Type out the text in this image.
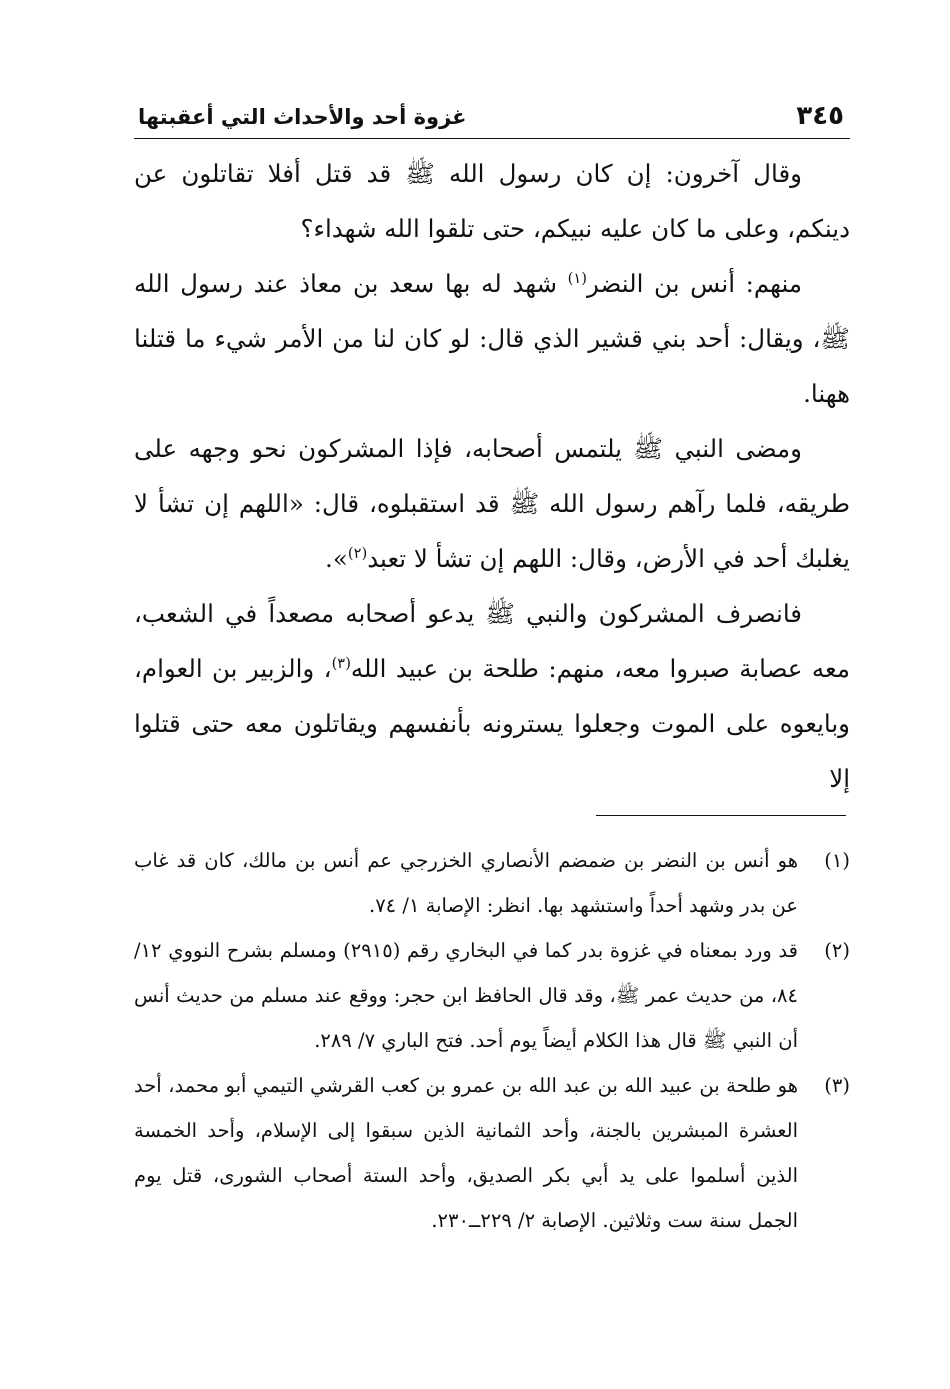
٣٤٥
غزوة أحد والأحداث التي أعقبتها

وقال آخرون: إن كان رسول الله ﷺ قد قتل أفلا تقاتلون عن دينكم، وعلى ما كان عليه نبيكم، حتى تلقوا الله شهداء؟

منهم: أنس بن النضر$^{(١)}$ شهد له بها سعد بن معاذ عند رسول الله ﷺ، ويقال: أحد بني قشير الذي قال: لو كان لنا من الأمر شيء ما قتلنا ههنا.

ومضى النبي ﷺ يلتمس أصحابه، فإذا المشركون نحو وجهه على طريقه، فلما رآهم رسول الله ﷺ قد استقبلوه، قال: «اللهم إن تشأ لا يغلبك أحد في الأرض، وقال: اللهم إن تشأ لا تعبد$^{(٢)}$».

فانصرف المشركون والنبي ﷺ يدعو أصحابه مصعداً في الشعب، معه عصابة صبروا معه، منهم: طلحة بن عبيد الله$^{(٣)}$، والزبير بن العوام، وبايعوه على الموت وجعلوا يسترونه بأنفسهم ويقاتلون معه حتى قتلوا إلا

(١)
هو أنس بن النضر بن ضمضم الأنصاري الخزرجي عم أنس بن مالك، كان قد غاب عن بدر وشهد أحداً واستشهد بها. انظر: الإصابة ١/ ٧٤.
(٢)
قد ورد بمعناه في غزوة بدر كما في البخاري رقم (٢٩١٥) ومسلم بشرح النووي ١٢/ ٨٤، من حديث عمر ﷺ، وقد قال الحافظ ابن حجر: ووقع عند مسلم من حديث أنس أن النبي ﷺ قال هذا الكلام أيضاً يوم أحد. فتح الباري ٧/ ٢٨٩.
(٣)
هو طلحة بن عبيد الله بن عبد الله بن عمرو بن كعب القرشي التيمي أبو محمد، أحد العشرة المبشرين بالجنة، وأحد الثمانية الذين سبقوا إلى الإسلام، وأحد الخمسة الذين أسلموا على يد أبي بكر الصديق، وأحد الستة أصحاب الشورى، قتل يوم الجمل سنة ست وثلاثين. الإصابة ٢/ ٢٢٩ــ٢٣٠.
